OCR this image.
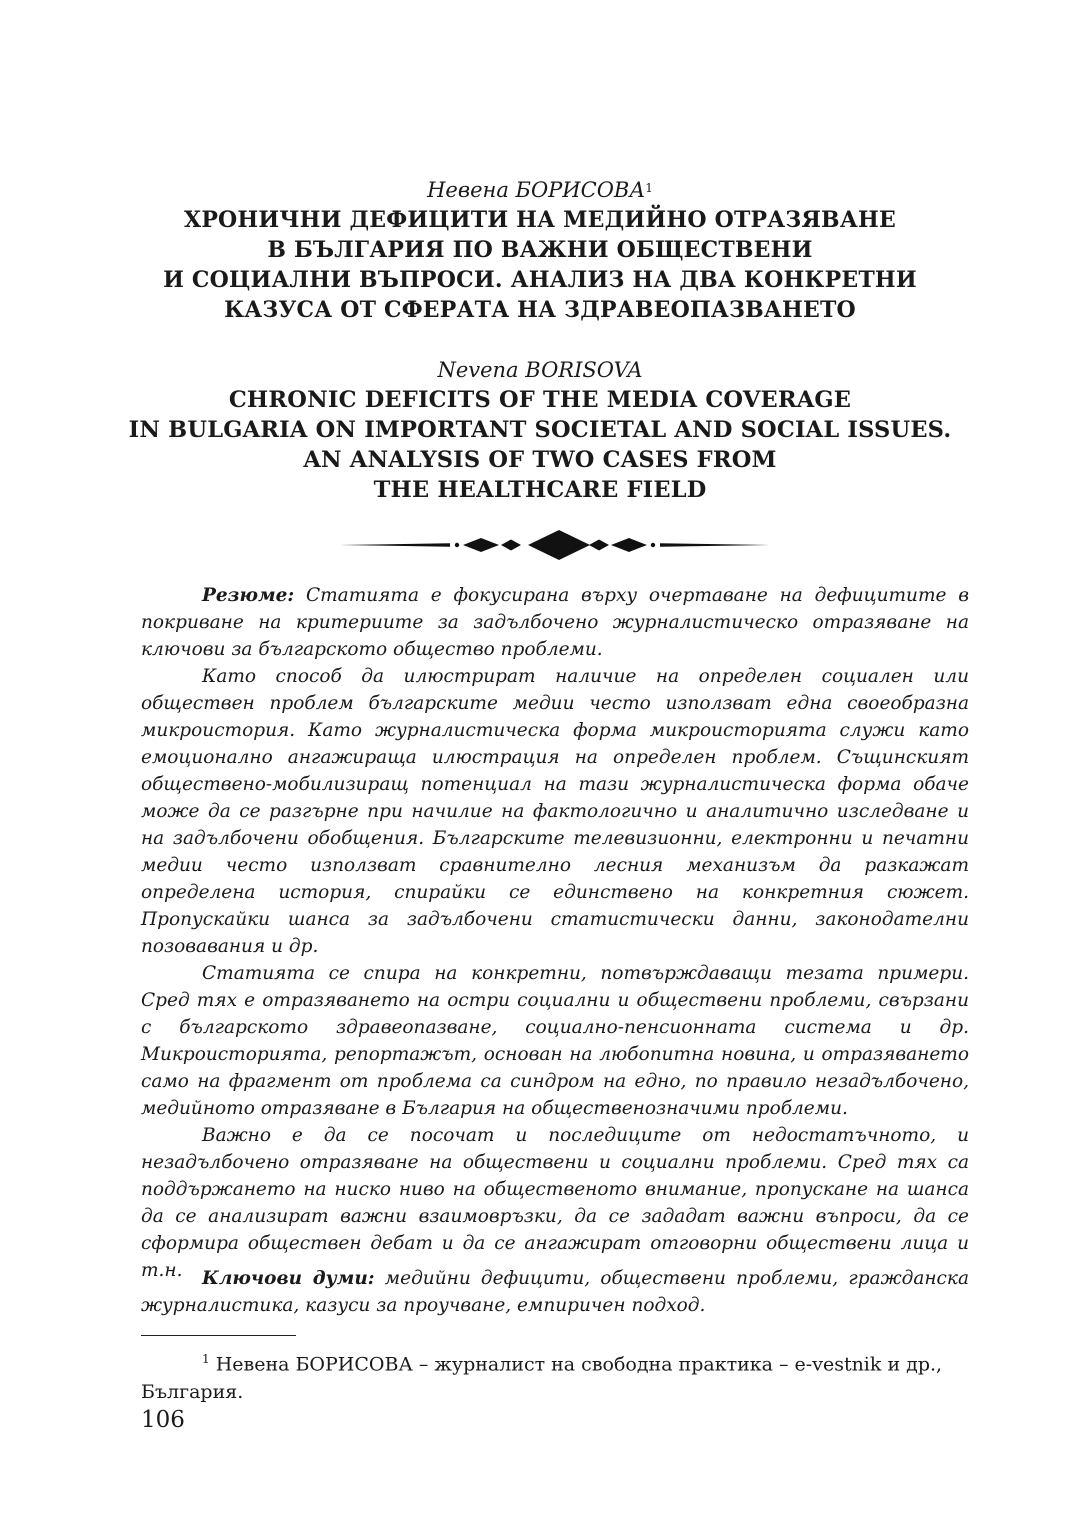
Невена БОРИСОВА$^1$
ХРОНИЧНИ ДЕФИЦИТИ НА МЕДИЙНО ОТРАЗЯВАНЕ
В БЪЛГАРИЯ ПО ВАЖНИ ОБЩЕСТВЕНИ
И СОЦИАЛНИ ВЪПРОСИ. АНАЛИЗ НА ДВА КОНКРЕТНИ
КАЗУСА ОТ СФЕРАТА НА ЗДРАВЕОПАЗВАНЕТО
Nevena BORISOVA
CHRONIC DEFICITS OF THE MEDIA COVERAGE
IN BULGARIA ON IMPORTANT SOCIETAL AND SOCIAL ISSUES.
AN ANALYSIS OF TWO CASES FROM
THE HEALTHCARE FIELD

Резюме: Статията е фокусирана върху очертаване на дефицитите в покриване на критериите за задълбочено журналистическо отразяване на ключови за българското общество проблеми.

Като способ да илюстрират наличие на определен социален или обществен проблем българските медии често използват една своеобразна микроистория. Като журналистическа форма микроисторията служи като емоционално ангажираща илюстрация на определен проблем. Същинският обществено-мобилизиращ потенциал на тази журналистическа форма обаче може да се разгърне при начилие на фактологично и аналитично изследване и на задълбочени обобщения. Българските телевизионни, електронни и печатни медии често използват сравнително лесния механизъм да разкажат определена история, спирайки се единствено на конкретния сюжет. Пропускайки шанса за задълбочени статистически данни, законодателни позовавания и др.

Статията се спира на конкретни, потвърждаващи тезата примери. Сред тях е отразяването на остри социални и обществени проблеми, свързани с българското здравеопазване, социално-пенсионната система и др. Микроисторията, репортажът, основан на любопитна новина, и отразяването само на фрагмент от проблема са синдром на едно, по правило незадълбочено, медийното отразяване в България на общественозначими проблеми.

Важно е да се посочат и последиците от недостатъчното, и незадълбочено отразяване на обществени и социални проблеми. Сред тях са поддържането на ниско ниво на общественото внимание, пропускане на шанса да се анализират важни взаимовръзки, да се зададат важни въпроси, да се сформира обществен дебат и да се ангажират отговорни обществени лица и т.н.	Ключови думи: медийни дефицити, обществени проблеми, гражданска журналистика, казуси за проучване, емпиричен подход.

$^1$ Невена БОРИСОВА – журналист на свободна практика – e-vestnik и др.,
България.
106
